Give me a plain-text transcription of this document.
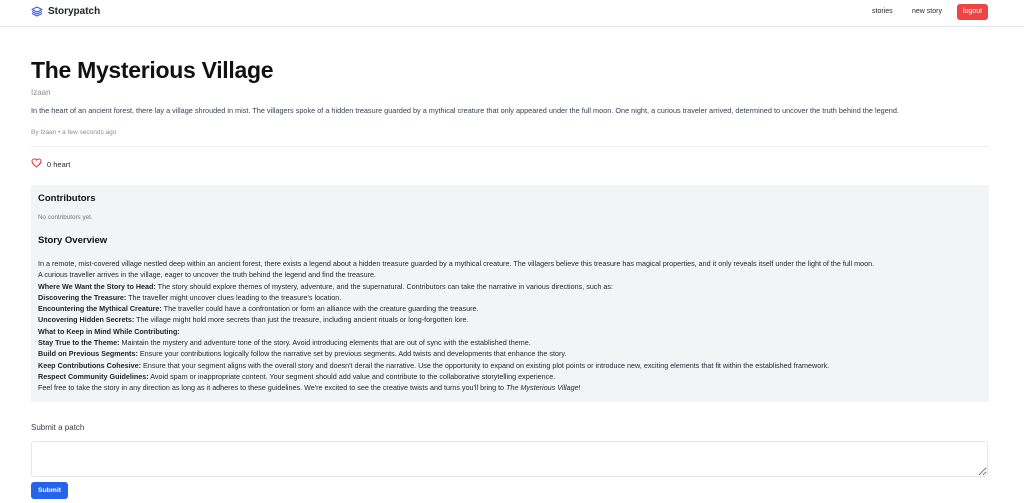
Storypatch	stories	new story	logout
The Mysterious Village
Izaan

In the heart of an ancient forest, there lay a village shrouded in mist. The villagers spoke of a hidden treasure guarded by a mythical creature that only appeared under the full moon. One night, a curious traveler arrived, determined to uncover the truth behind the legend.

By Izaan • a few seconds ago
0 heart
Contributors
No contributors yet.
Story Overview

In a remote, mist-covered village nestled deep within an ancient forest, there exists a legend about a hidden treasure guarded by a mythical creature. The villagers believe this treasure has magical properties, and it only reveals itself under the light of the full moon.

A curious traveller arrives in the village, eager to uncover the truth behind the legend and find the treasure.

Where We Want the Story to Head: The story should explore themes of mystery, adventure, and the supernatural. Contributors can take the narrative in various directions, such as:

Discovering the Treasure: The traveller might uncover clues leading to the treasure's location.

Encountering the Mythical Creature: The traveller could have a confrontation or form an alliance with the creature guarding the treasure.

Uncovering Hidden Secrets: The village might hold more secrets than just the treasure, including ancient rituals or long-forgotten lore.

What to Keep in Mind While Contributing:

Stay True to the Theme: Maintain the mystery and adventure tone of the story. Avoid introducing elements that are out of sync with the established theme.

Build on Previous Segments: Ensure your contributions logically follow the narrative set by previous segments. Add twists and developments that enhance the story.

Keep Contributions Cohesive: Ensure that your segment aligns with the overall story and doesn't derail the narrative. Use the opportunity to expand on existing plot points or introduce new, exciting elements that fit within the established framework.

Respect Community Guidelines: Avoid spam or inappropriate content. Your segment should add value and contribute to the collaborative storytelling experience.

Feel free to take the story in any direction as long as it adheres to these guidelines. We're excited to see the creative twists and turns you'll bring to The Mysterious Village!

Submit a patch
Submit
